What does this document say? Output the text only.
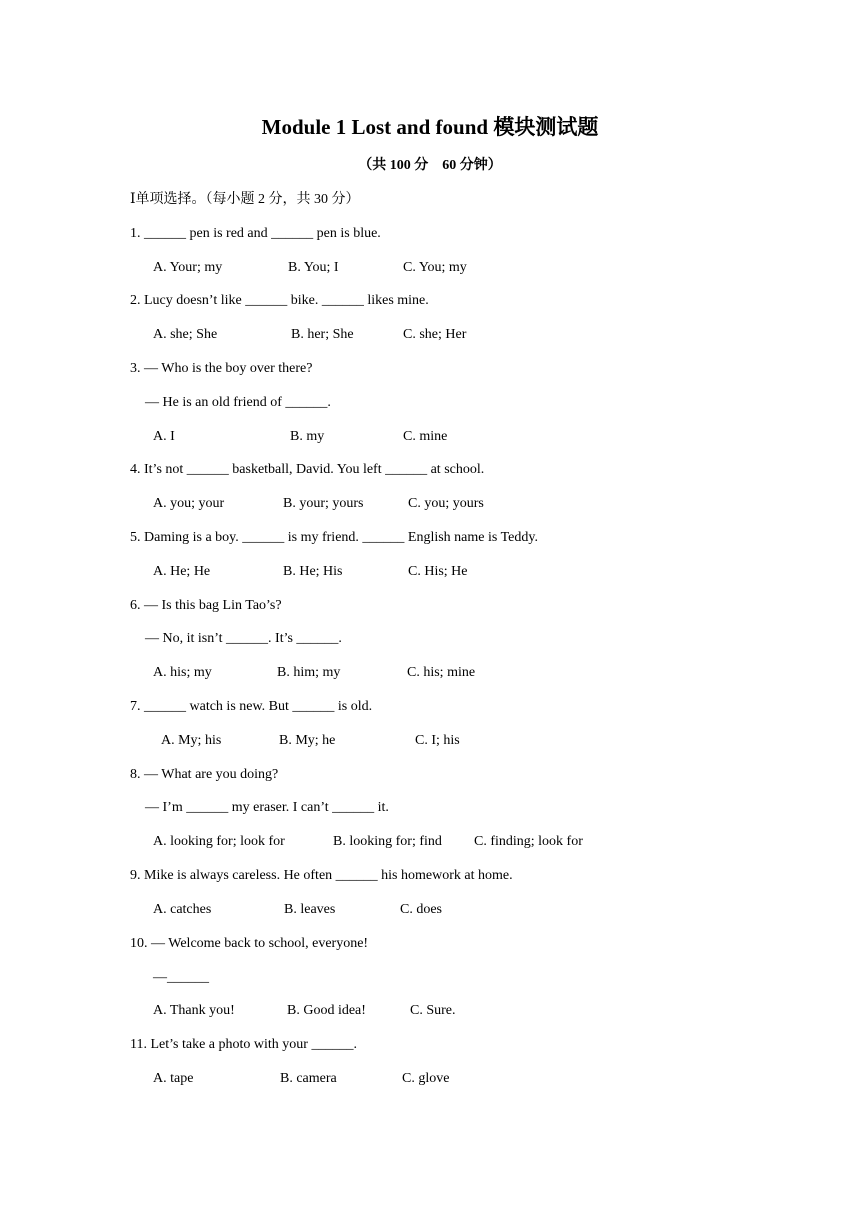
Module 1 Lost and found 模块测试题
（共 100 分　60 分钟）
Ⅰ单项选择。（每小题 2 分，共 30 分）
1. ______ pen is red and ______ pen is blue.
A. Your; my	B. You; I	C. You; my
2. Lucy doesn’t like ______ bike. ______ likes mine.
A. she; She	B. her; She	C. she; Her
3. — Who is the boy over there?
— He is an old friend of ______.
A. I	B. my	C. mine
4. It’s not ______ basketball, David. You left ______ at school.
A. you; your	B. your; yours	C. you; yours
5. Daming is a boy. ______ is my friend. ______ English name is Teddy.
A. He; He	B. He; His	C. His; He
6. — Is this bag Lin Tao’s?
— No, it isn’t ______. It’s ______.
A. his; my	B. him; my	C. his; mine
7. ______ watch is new. But ______ is old.
A. My; his	B. My; he	C. I; his
8. — What are you doing?
— I’m ______ my eraser. I can’t ______ it.
A. looking for; look for	B. looking for; find C. finding; look for
9. Mike is always careless. He often ______ his homework at home.
A. catches	B. leaves	C. does
10. — Welcome back to school, everyone!
—______
A. Thank you!	B. Good idea!	C. Sure.
11. Let’s take a photo with your ______.
A. tape	B. camera	C. glove
